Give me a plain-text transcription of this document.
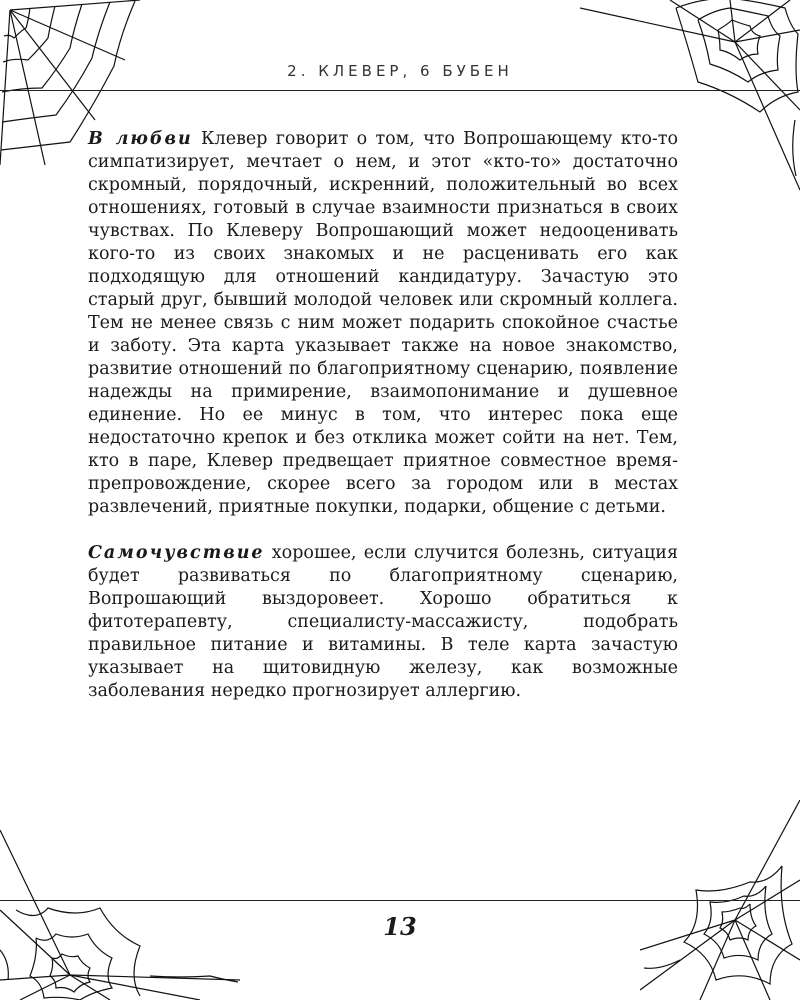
2. КЛЕВЕР, 6 БУБЕН

В любви Клевер говорит о том, что Вопрошающему кто-то симпатизирует, мечтает о нем, и этот «кто-то» достаточно скромный, порядочный, искренний, положительный во всех отношениях, готовый в случае взаимности признаться в своих чувствах. По Клеверу Вопрошающий может недооценивать кого-то из своих знакомых и не расценивать его как подходящую для отношений кандидатуру. Зачастую это старый друг, бывший молодой человек или скромный коллега. Тем не менее связь с ним может подарить спокойное счастье и заботу. Эта карта указывает также на новое знакомство, развитие отношений по благоприятному сценарию, появление надежды на примирение, взаимопонимание и душевное единение. Но ее минус в том, что интерес пока еще недостаточно крепок и без отклика может сойти на нет. Тем, кто в паре, Клевер предвещает приятное совместное время-препровождение, скорее всего за городом или в местах развлечений, приятные покупки, подарки, общение с детьми.

Самочувствие хорошее, если случится болезнь, ситуация будет развиваться по благоприятному сценарию, Вопрошающий выздоровеет. Хорошо обратиться к фитотерапевту, специалисту-массажисту, подобрать правильное питание и витамины. В теле карта зачастую указывает на щитовидную железу, как возможные заболевания нередко прогнозирует аллергию.

13
